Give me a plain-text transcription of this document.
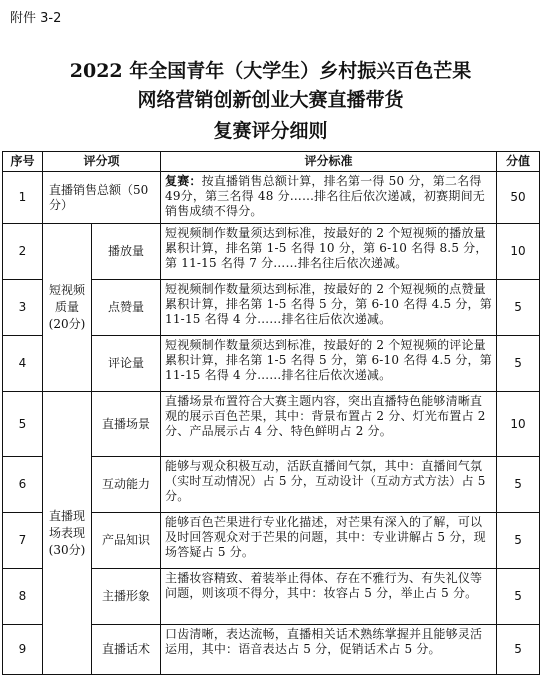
附件 3-2
2022 年全国青年（大学生）乡村振兴百色芒果
网络营销创新创业大赛直播带货
复赛评分细则
序号	评分项		评分标准	分值
1	直播销售总额（50分）		复赛：按直播销售总额计算，排名第一得 50 分，第二名得 49分，第三名得 48 分……排名往后依次递减，初赛期间无销售成绩不得分。	50
2	短视频质量(20分)	播放量	短视频制作数量须达到标准，按最好的 2 个短视频的播放量累积计算，排名第 1-5 名得 10 分，第 6-10 名得 8.5 分，第 11-15 名得 7 分……排名往后依次递减。	10
3		点赞量	短视频制作数量须达到标准，按最好的 2 个短视频的点赞量累积计算，排名第 1-5 名得 5 分，第 6-10 名得 4.5 分，第 11-15 名得 4 分……排名往后依次递减。	5
4		评论量	短视频制作数量须达到标准，按最好的 2 个短视频的评论量累积计算，排名第 1-5 名得 5 分，第 6-10 名得 4.5 分，第 11-15 名得 4 分……排名往后依次递减。	5
5	直播现场表现(30分)	直播场景	直播场景布置符合大赛主题内容，突出直播特色能够清晰直观的展示百色芒果，其中：背景布置占 2 分、灯光布置占 2 分、产品展示占 4 分、特色鲜明占 2 分。	10
6		互动能力	能够与观众积极互动，活跃直播间气氛，其中：直播间气氛（实时互动情况）占 5 分，互动设计（互动方式方法）占 5 分。	5
7		产品知识	能够百色芒果进行专业化描述，对芒果有深入的了解，可以及时回答观众对于芒果的问题，其中：专业讲解占 5 分，现场答疑占 5 分。	5
8		主播形象	主播妆容精致、着装举止得体、存在不雅行为、有失礼仪等问题，则该项不得分，其中：妆容占 5 分，举止占 5 分。	5
9		直播话术	口齿清晰，表达流畅，直播相关话术熟练掌握并且能够灵活运用，其中：语音表达占 5 分，促销话术占 5 分。	5
